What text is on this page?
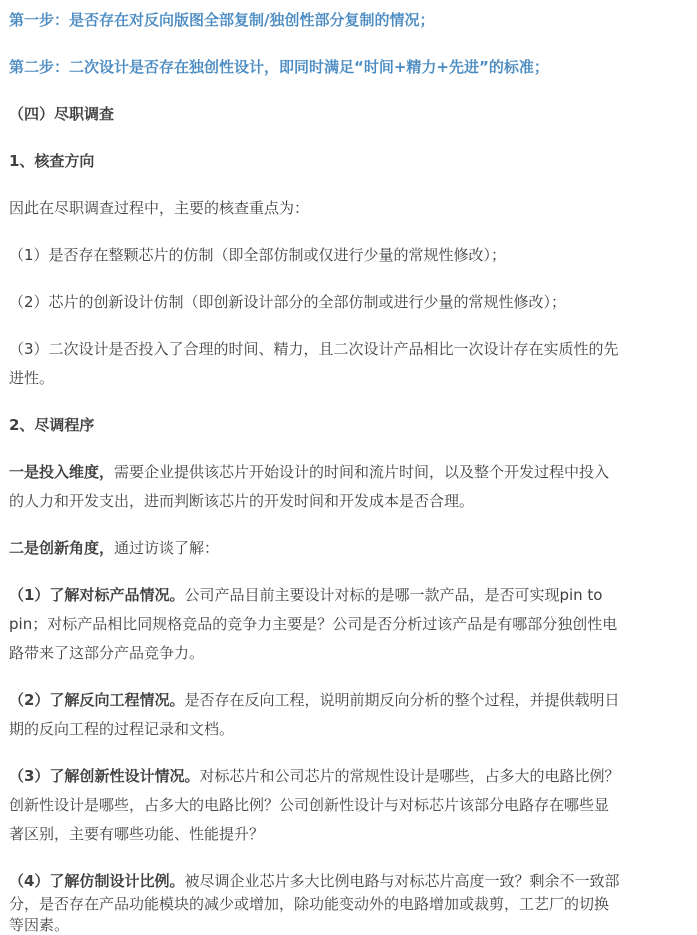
第一步：是否存在对反向版图全部复制/独创性部分复制的情况；
第二步：二次设计是否存在独创性设计，即同时满足“时间+精力+先进”的标准；
（四）尽职调查
1、核查方向
因此在尽职调查过程中，主要的核查重点为：
（1）是否存在整颗芯片的仿制（即全部仿制或仅进行少量的常规性修改）；
（2）芯片的创新设计仿制（即创新设计部分的全部仿制或进行少量的常规性修改）；
（3）二次设计是否投入了合理的时间、精力，且二次设计产品相比一次设计存在实质性的先
进性。
2、尽调程序
一是投入维度，需要企业提供该芯片开始设计的时间和流片时间，以及整个开发过程中投入
的人力和开发支出，进而判断该芯片的开发时间和开发成本是否合理。
二是创新角度，通过访谈了解：
（1）了解对标产品情况。公司产品目前主要设计对标的是哪一款产品，是否可实现pin to
pin；对标产品相比同规格竞品的竞争力主要是？公司是否分析过该产品是有哪部分独创性电
路带来了这部分产品竞争力。
（2）了解反向工程情况。是否存在反向工程，说明前期反向分析的整个过程，并提供载明日
期的反向工程的过程记录和文档。
（3）了解创新性设计情况。对标芯片和公司芯片的常规性设计是哪些，占多大的电路比例？
创新性设计是哪些，占多大的电路比例？公司创新性设计与对标芯片该部分电路存在哪些显
著区别，主要有哪些功能、性能提升？
（4）了解仿制设计比例。被尽调企业芯片多大比例电路与对标芯片高度一致？剩余不一致部
分，是否存在产品功能模块的减少或增加，除功能变动外的电路增加或裁剪，工艺厂的切换
等因素。
